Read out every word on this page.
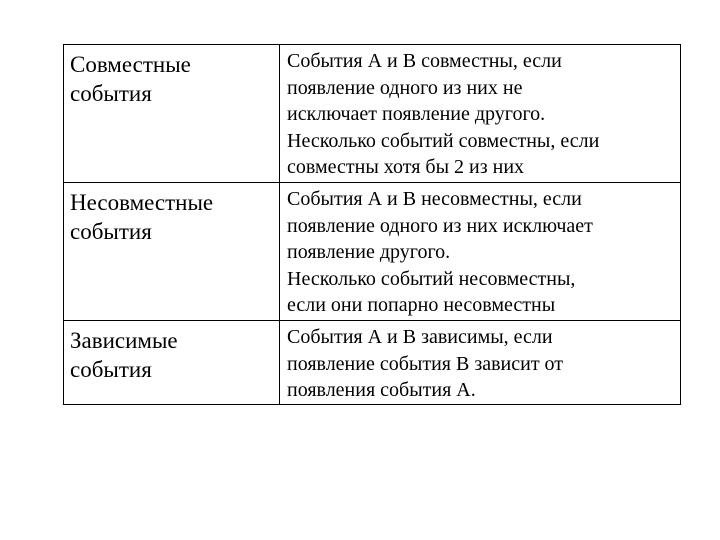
Совместные
события	События А и В совместны, если
появление одного из них не
исключает появление другого.
Несколько событий совместны, если
совместны хотя бы 2 из них

Несовместные
события	События А и В несовместны, если
появление одного из них исключает
появление другого.
Несколько событий несовместны,
если они попарно несовместны

Зависимые
события	События А и В зависимы, если
появление события В зависит от
появления события А.
